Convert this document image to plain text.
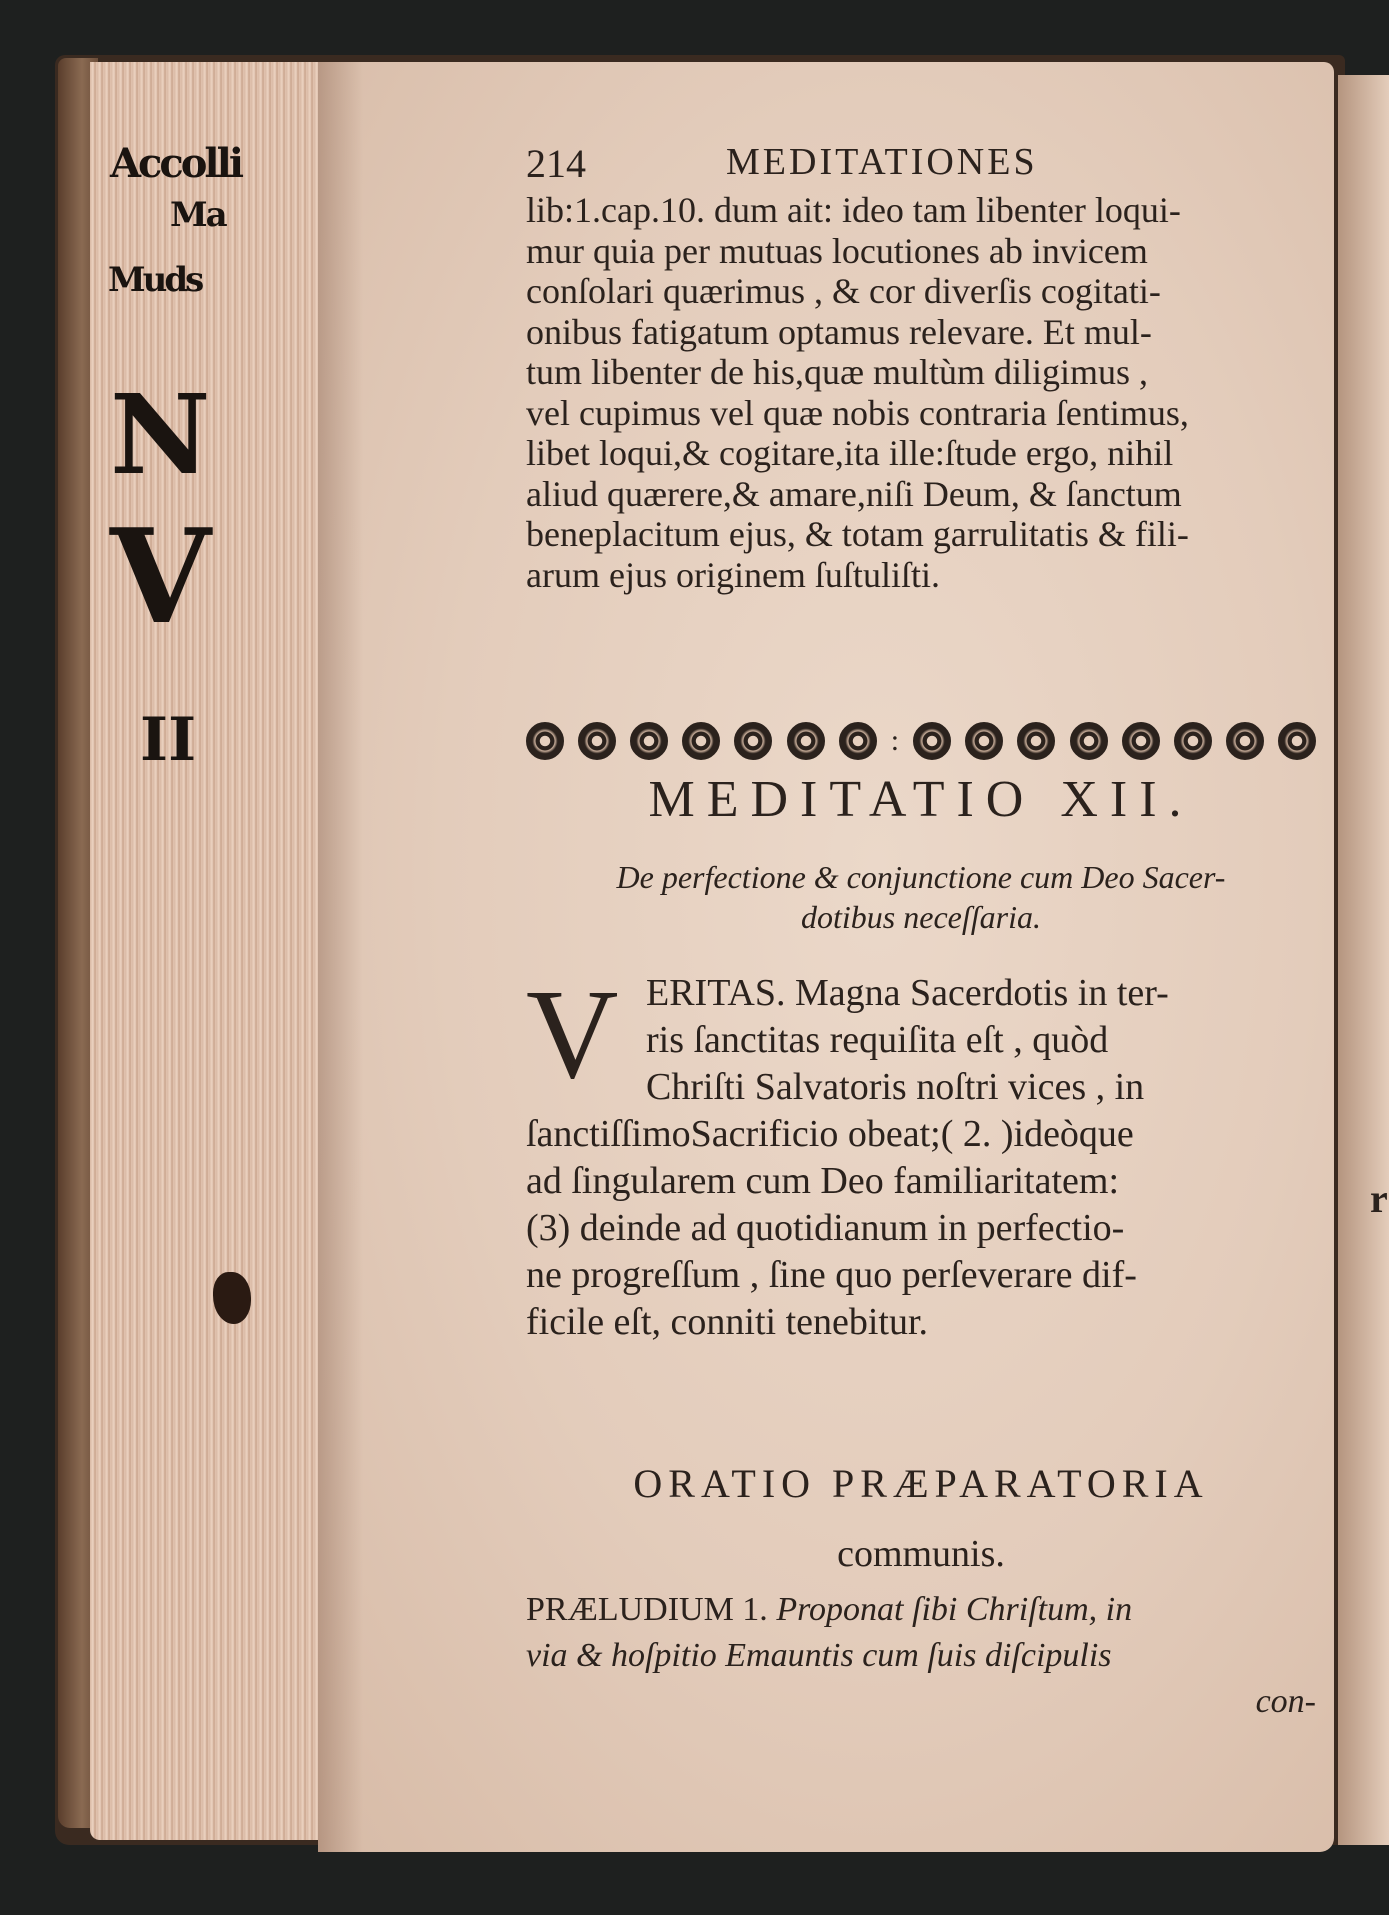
Accolli
Ma
Muds
N
V
II
r
214	MEDITATIONES
lib:1.cap.10. dum ait: ideo tam libenter loqui-
mur quia per mutuas locutiones ab invicem
conſolari quærimus , & cor diverſis cogitati-
onibus fatigatum optamus relevare. Et mul-
tum libenter de his,quæ multùm diligimus ,
vel cupimus vel quæ nobis contraria ſentimus,
libet loqui,& cogitare,ita ille:ſtude ergo, nihil
aliud quærere,& amare,niſi Deum, & ſanctum
beneplacitum ejus, & totam garrulitatis & fili-
arum ejus originem ſuſtuliſti.
:
MEDITATIO XII.
De perfectione & conjunctione cum Deo Sacer-
dotibus neceſſaria.
V ERITAS. Magna Sacerdotis in ter-
ris ſanctitas requiſita eſt , quòd
Chriſti Salvatoris noſtri vices , in
ſanctiſſimoSacrificio obeat;( 2. )ideòque
ad ſingularem cum Deo familiaritatem:
(3) deinde ad quotidianum in perfectio-
ne progreſſum , ſine quo perſeverare dif-
ficile eſt, conniti tenebitur.
ORATIO PRÆPARATORIA
communis.
PRÆLUDIUM 1. Proponat ſibi Chriſtum, in
via & hoſpitio Emauntis cum ſuis diſcipulis
con-
